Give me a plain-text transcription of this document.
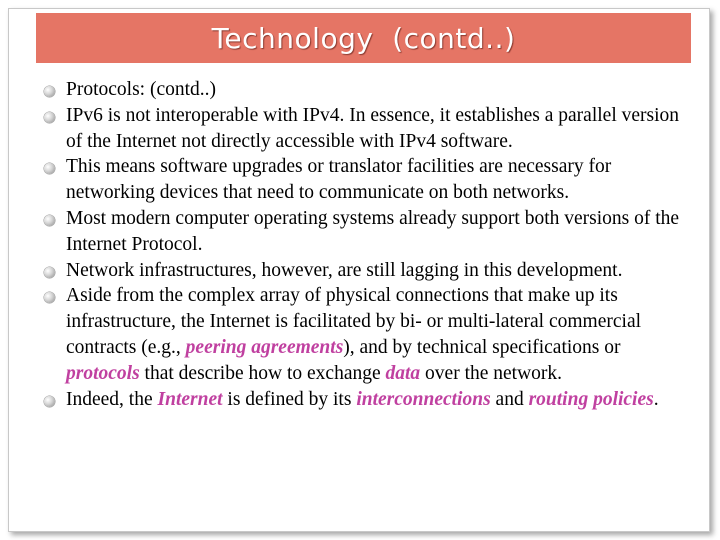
Technology  (contd..)
Protocols: (contd..)
IPv6 is not interoperable with IPv4. In essence, it establishes a parallel version of the Internet not directly accessible with IPv4 software.
This means software upgrades or translator facilities are necessary for networking devices that need to communicate on both networks.
Most modern computer operating systems already support both versions of the Internet Protocol.
Network infrastructures, however, are still lagging in this development.
Aside from the complex array of physical connections that make up its infrastructure, the Internet is facilitated by bi- or multi-lateral commercial contracts (e.g., peering agreements), and by technical specifications or protocols that describe how to exchange data over the network.
Indeed, the Internet is defined by its interconnections and routing policies.
